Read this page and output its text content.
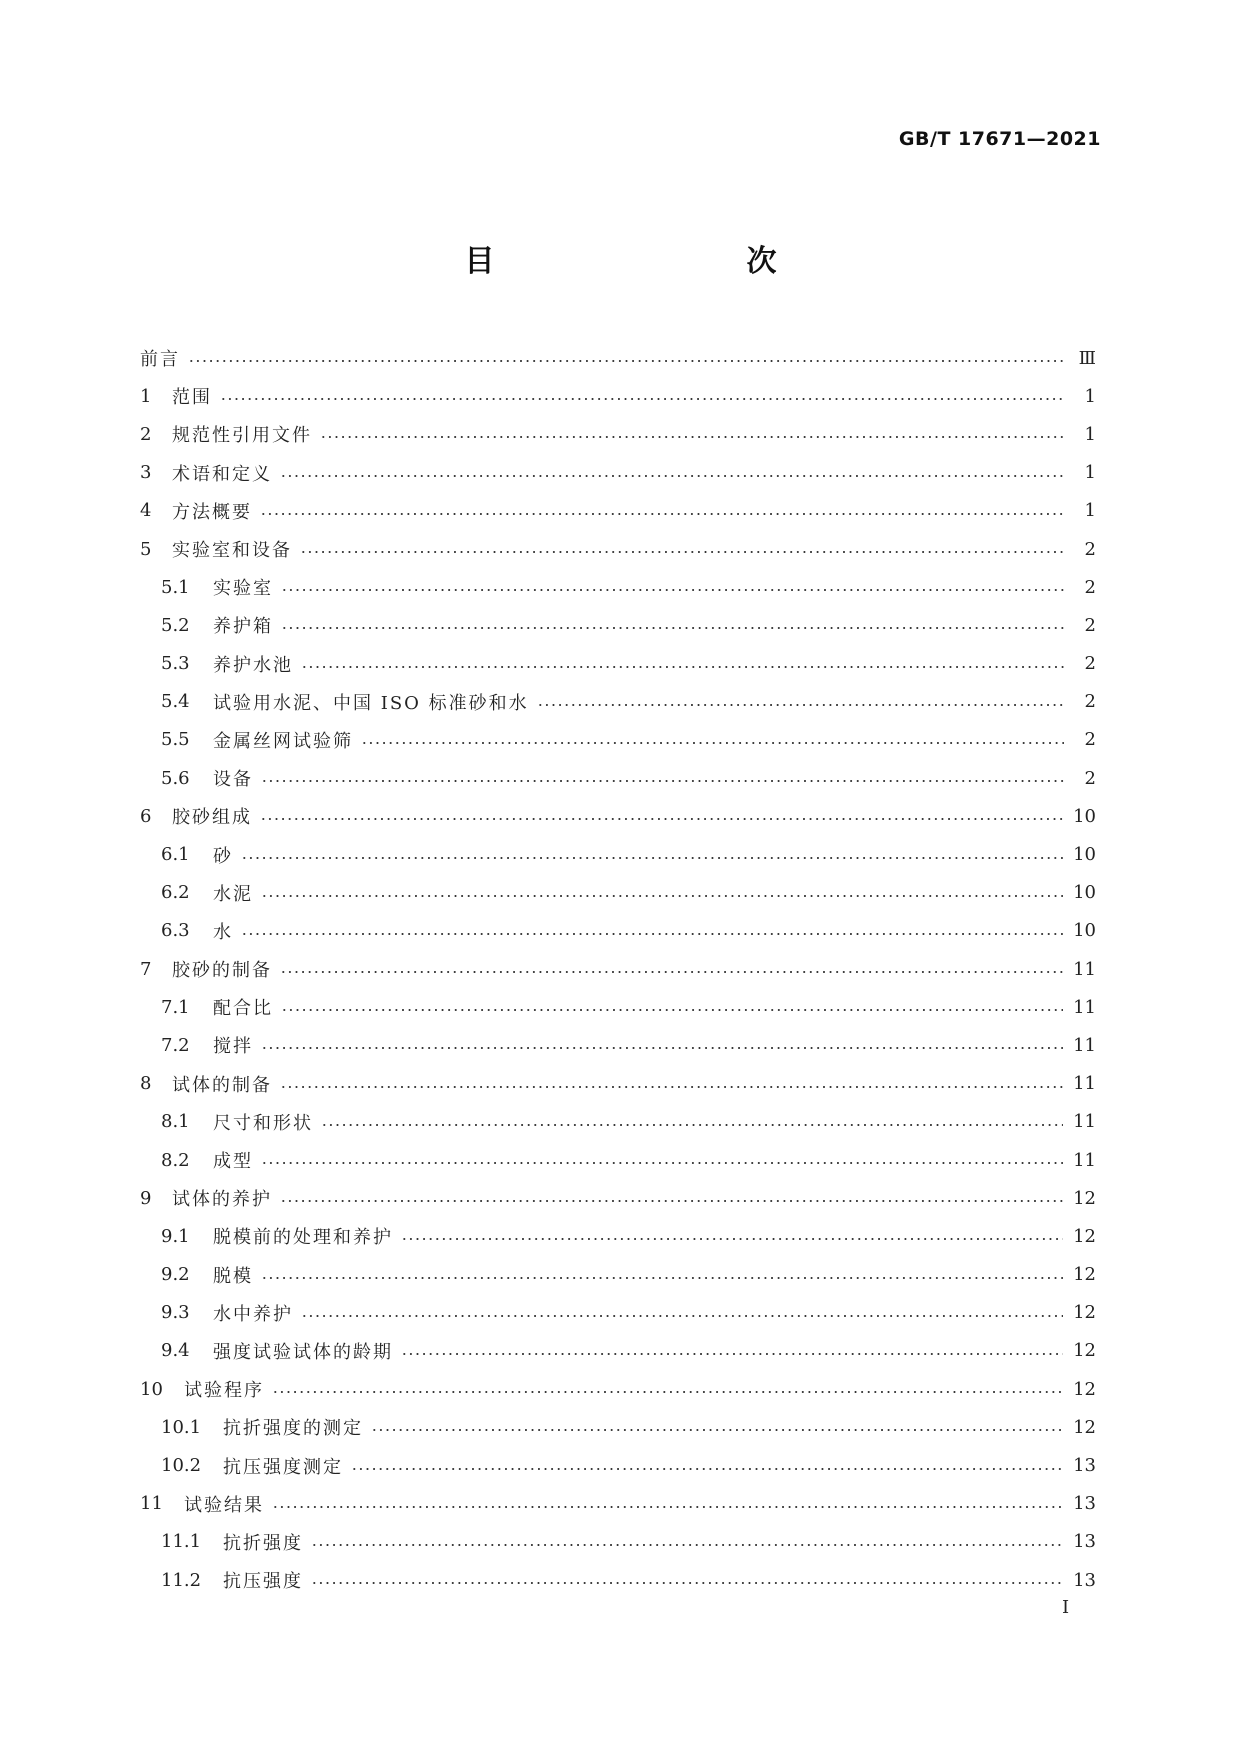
GB/T 17671—2021
目　　次
前言	Ⅲ
1	范围	1
2	规范性引用文件	1
3	术语和定义	1
4	方法概要	1
5	实验室和设备	2
5.1	实验室	2
5.2	养护箱	2
5.3	养护水池	2
5.4	试验用水泥、中国 ISO 标准砂和水	2
5.5	金属丝网试验筛	2
5.6	设备	2
6	胶砂组成	10
6.1	砂	10
6.2	水泥	10
6.3	水	10
7	胶砂的制备	11
7.1	配合比	11
7.2	搅拌	11
8	试体的制备	11
8.1	尺寸和形状	11
8.2	成型	11
9	试体的养护	12
9.1	脱模前的处理和养护	12
9.2	脱模	12
9.3	水中养护	12
9.4	强度试验试体的龄期	12
10	试验程序	12
10.1	抗折强度的测定	12
10.2	抗压强度测定	13
11	试验结果	13
11.1	抗折强度	13
11.2	抗压强度	13
Ⅰ
